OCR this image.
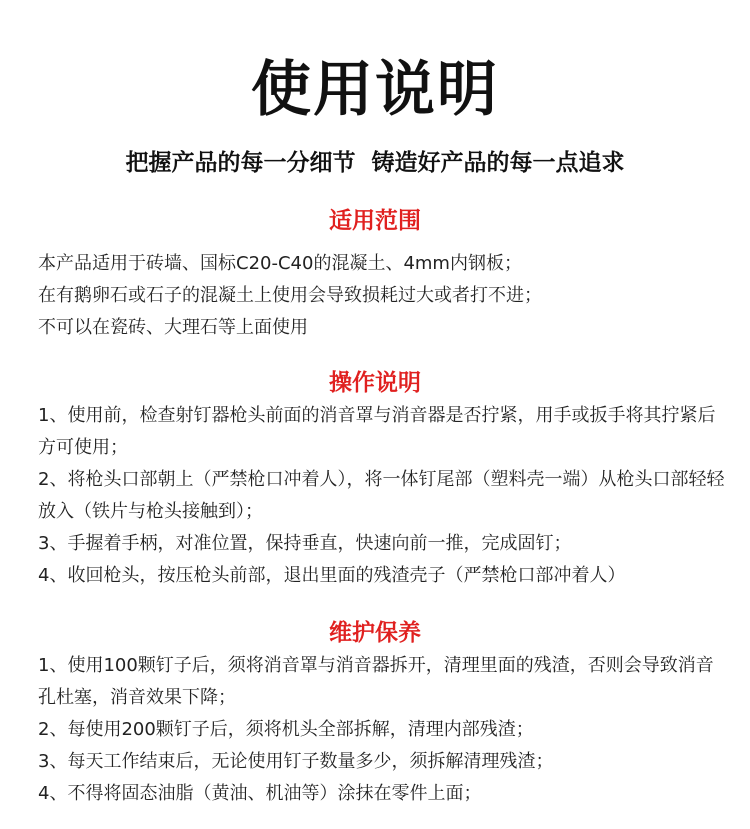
使用说明
把握产品的每一分细节  铸造好产品的每一点追求
适用范围

本产品适用于砖墙、国标C20-C40的混凝土、4mm内钢板；

在有鹅卵石或石子的混凝土上使用会导致损耗过大或者打不进；

不可以在瓷砖、大理石等上面使用

操作说明

1、使用前，检查射钉器枪头前面的消音罩与消音器是否拧紧，用手或扳手将其拧紧后方可使用；

2、将枪头口部朝上（严禁枪口冲着人），将一体钉尾部（塑料壳一端）从枪头口部轻轻放入（铁片与枪头接触到）；

3、手握着手柄，对准位置，保持垂直，快速向前一推，完成固钉；

4、收回枪头，按压枪头前部，退出里面的残渣壳子（严禁枪口部冲着人）

维护保养

1、使用100颗钉子后，须将消音罩与消音器拆开，清理里面的残渣，否则会导致消音孔杜塞，消音效果下降；

2、每使用200颗钉子后，须将机头全部拆解，清理内部残渣；

3、每天工作结束后，无论使用钉子数量多少，须拆解清理残渣；

4、不得将固态油脂（黄油、机油等）涂抹在零件上面；
